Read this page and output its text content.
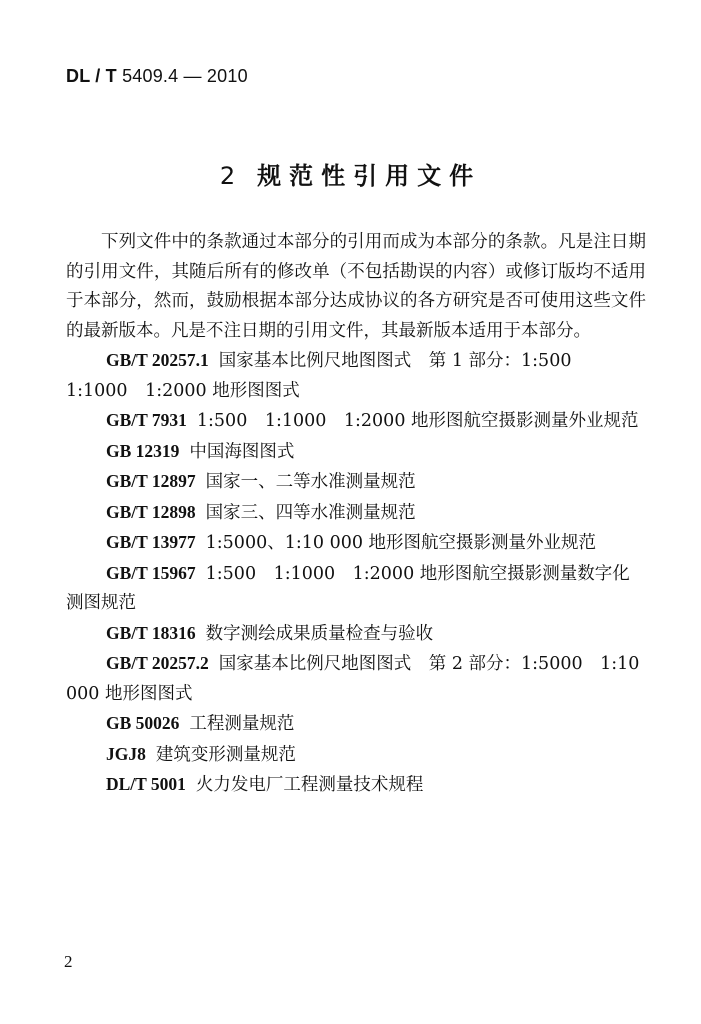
DL / T 5409.4 — 2010
2 规范性引用文件

下列文件中的条款通过本部分的引用而成为本部分的条款。凡是注日期的引用文件，其随后所有的修改单（不包括勘误的内容）或修订版均不适用于本部分，然而，鼓励根据本部分达成协议的各方研究是否可使用这些文件的最新版本。凡是不注日期的引用文件，其最新版本适用于本部分。

GB/T 20257.1 国家基本比例尺地图图式　第 1 部分：1:500　1:1000　1:2000 地形图图式
GB/T 7931 1:500　1:1000　1:2000 地形图航空摄影测量外业规范
GB 12319 中国海图图式
GB/T 12897 国家一、二等水准测量规范
GB/T 12898 国家三、四等水准测量规范
GB/T 13977 1:5000、1:10 000 地形图航空摄影测量外业规范
GB/T 15967 1:500　1:1000　1:2000 地形图航空摄影测量数字化测图规范
GB/T 18316 数字测绘成果质量检查与验收
GB/T 20257.2 国家基本比例尺地图图式　第 2 部分：1:5000　1:10 000 地形图图式
GB 50026 工程测量规范
JGJ8 建筑变形测量规范
DL/T 5001 火力发电厂工程测量技术规程
2
